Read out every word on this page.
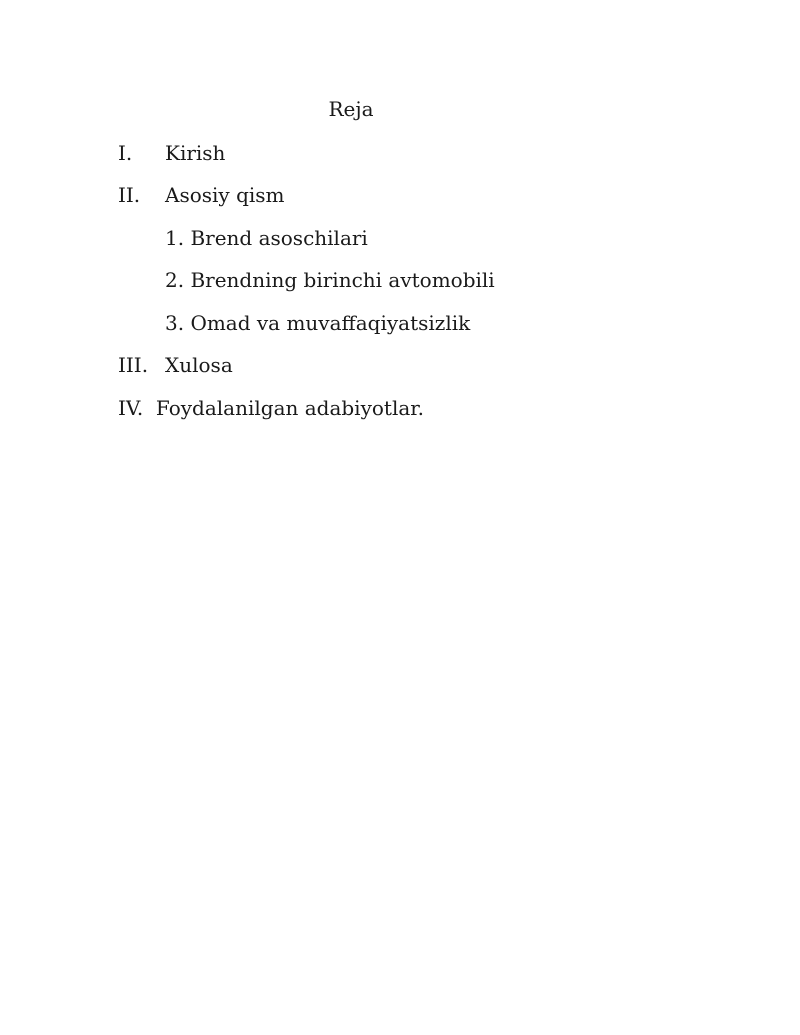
Reja
I. Kirish
II. Asosiy qism
1. Brend asoschilari
2. Brendning birinchi avtomobili
3. Omad va muvaffaqiyatsizlik
III. Xulosa
IV.  Foydalanilgan adabiyotlar.
